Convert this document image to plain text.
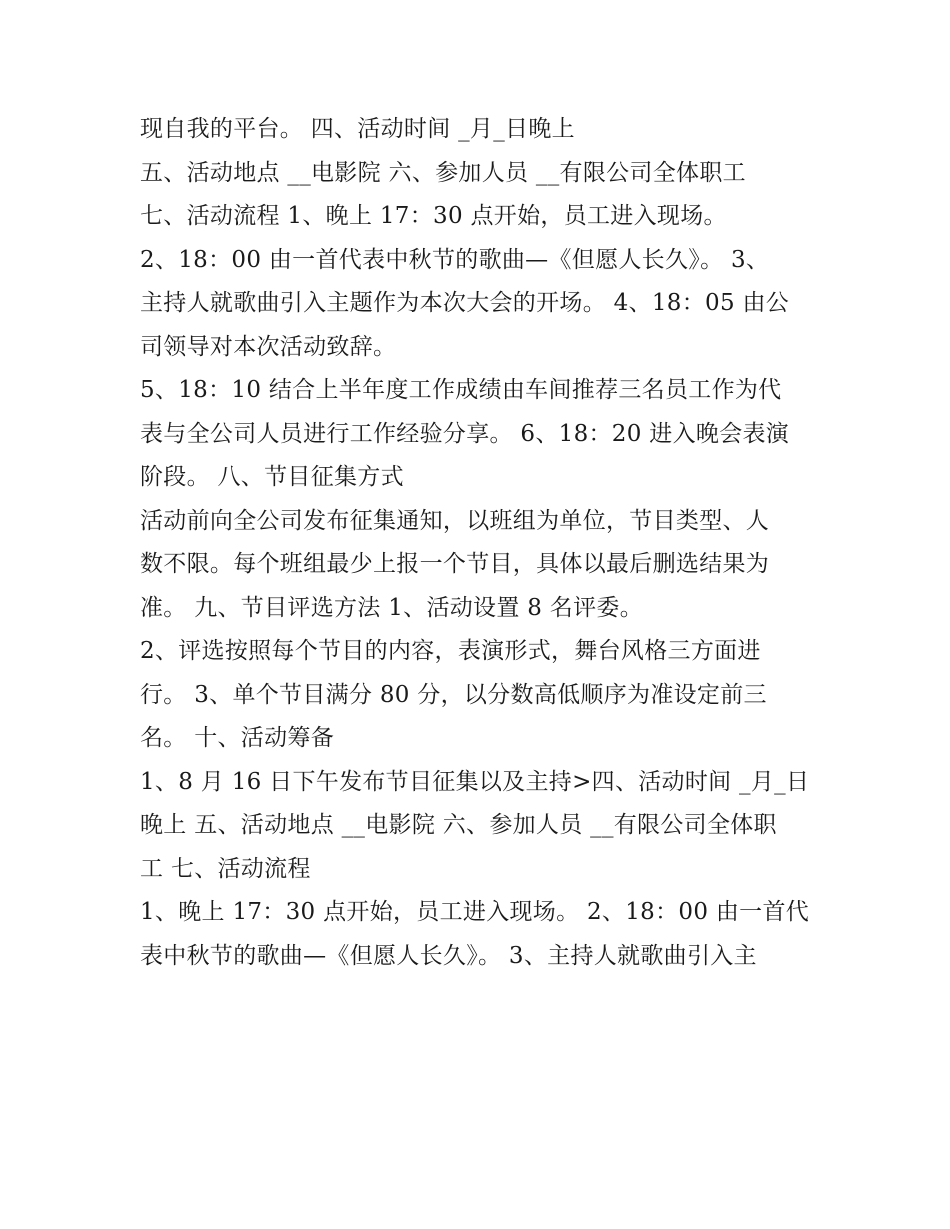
现自我的平台。 四、活动时间 _月_日晚上
五、活动地点 __电影院 六、参加人员 __有限公司全体职工
七、活动流程 1、晚上 17：30 点开始，员工进入现场。
2、18：00 由一首代表中秋节的歌曲—《但愿人长久》。 3、
主持人就歌曲引入主题作为本次大会的开场。 4、18：05 由公
司领导对本次活动致辞。
5、18：10 结合上半年度工作成绩由车间推荐三名员工作为代
表与全公司人员进行工作经验分享。 6、18：20 进入晚会表演
阶段。 八、节目征集方式
活动前向全公司发布征集通知，以班组为单位，节目类型、人
数不限。每个班组最少上报一个节目，具体以最后删选结果为
准。 九、节目评选方法 1、活动设置 8 名评委。
2、评选按照每个节目的内容，表演形式，舞台风格三方面进
行。 3、单个节目满分 80 分，以分数高低顺序为准设定前三
名。 十、活动筹备
1、8 月 16 日下午发布节目征集以及主持>四、活动时间 _月_日
晚上 五、活动地点 __电影院 六、参加人员 __有限公司全体职
工 七、活动流程
1、晚上 17：30 点开始，员工进入现场。 2、18：00 由一首代
表中秋节的歌曲—《但愿人长久》。 3、主持人就歌曲引入主
